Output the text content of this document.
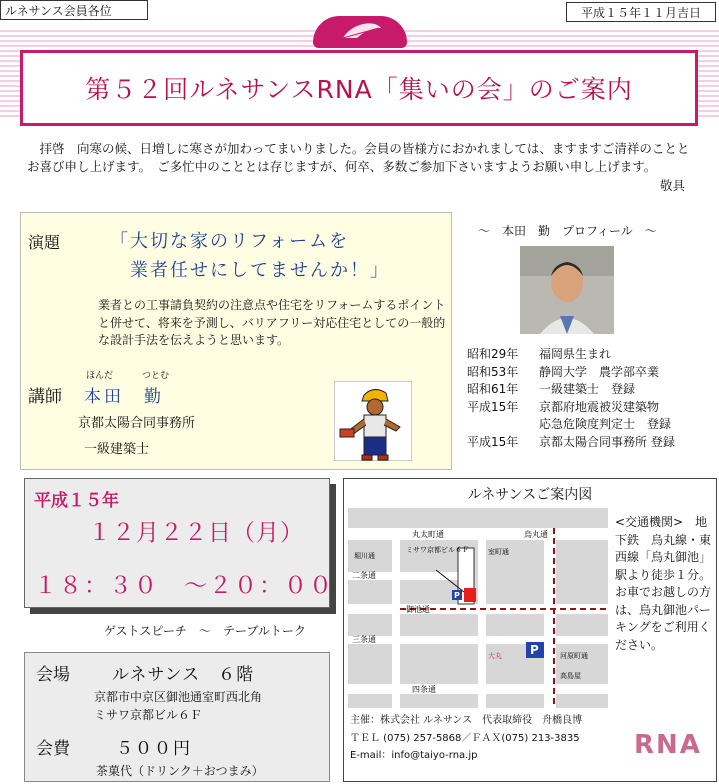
ルネサンス会員各位	平成１５年１１月吉日
第５２回ルネサンスRNA「集いの会」のご案内
　拝啓　向寒の候、日増しに寒さが加わってまいりました。会員の皆様方におかれましては、ますますご清祥のこととお喜び申し上げます。　ご多忙中のこととは存じますが、何卒、多数ご参加下さいますようお願い申し上げます。
敬具
演題	「大切な家のリフォームを
業者任せにしてませんか！」
業者との工事請負契約の注意点や住宅をリフォームするポイントと併せて、将来を予測し、バリアフリー対応住宅としての一般的な設計手法を伝えようと思います。
ほんだ	つとむ
講師 本田　勤
京都太陽合同事務所
一級建築士
～　本田　勤　プロフィール　～
昭和29年 福岡県生まれ
昭和53年 静岡大学　農学部卒業
昭和61年 一級建築士　登録
平成15年 京都府地震被災建築物
応急危険度判定士　登録
平成15年 京都太陽合同事務所 登録
平成１５年
１２月２２日（月）
１８：３０　～２０：００
ゲストスピーチ　～　テーブルトーク
会場 ルネサンス　６階
京都市中京区御池通室町西北角
ミサワ京都ビル６Ｆ
会費	５００円
茶菓代（ドリンク＋おつまみ）
ルネサンスご案内図
P
P
丸太町通	烏丸通
ミサワ京都ビル６Ｆ
二条通
御池通
三条通
四条通
室町通
堀川通
河原町通
大丸
高島屋
<交通機関>　地下鉄　烏丸線・東西線「烏丸御池」駅より徒歩１分。お車でお越しの方は、烏丸御池パーキングをご利用ください。
主催：株式会社 ルネサンス　代表取締役　舟橋良博
ＴＥＬ (075) 257-5868／ＦＡＸ(075) 213-3835
E-mail：info@taiyo-rna.jp	RNA
